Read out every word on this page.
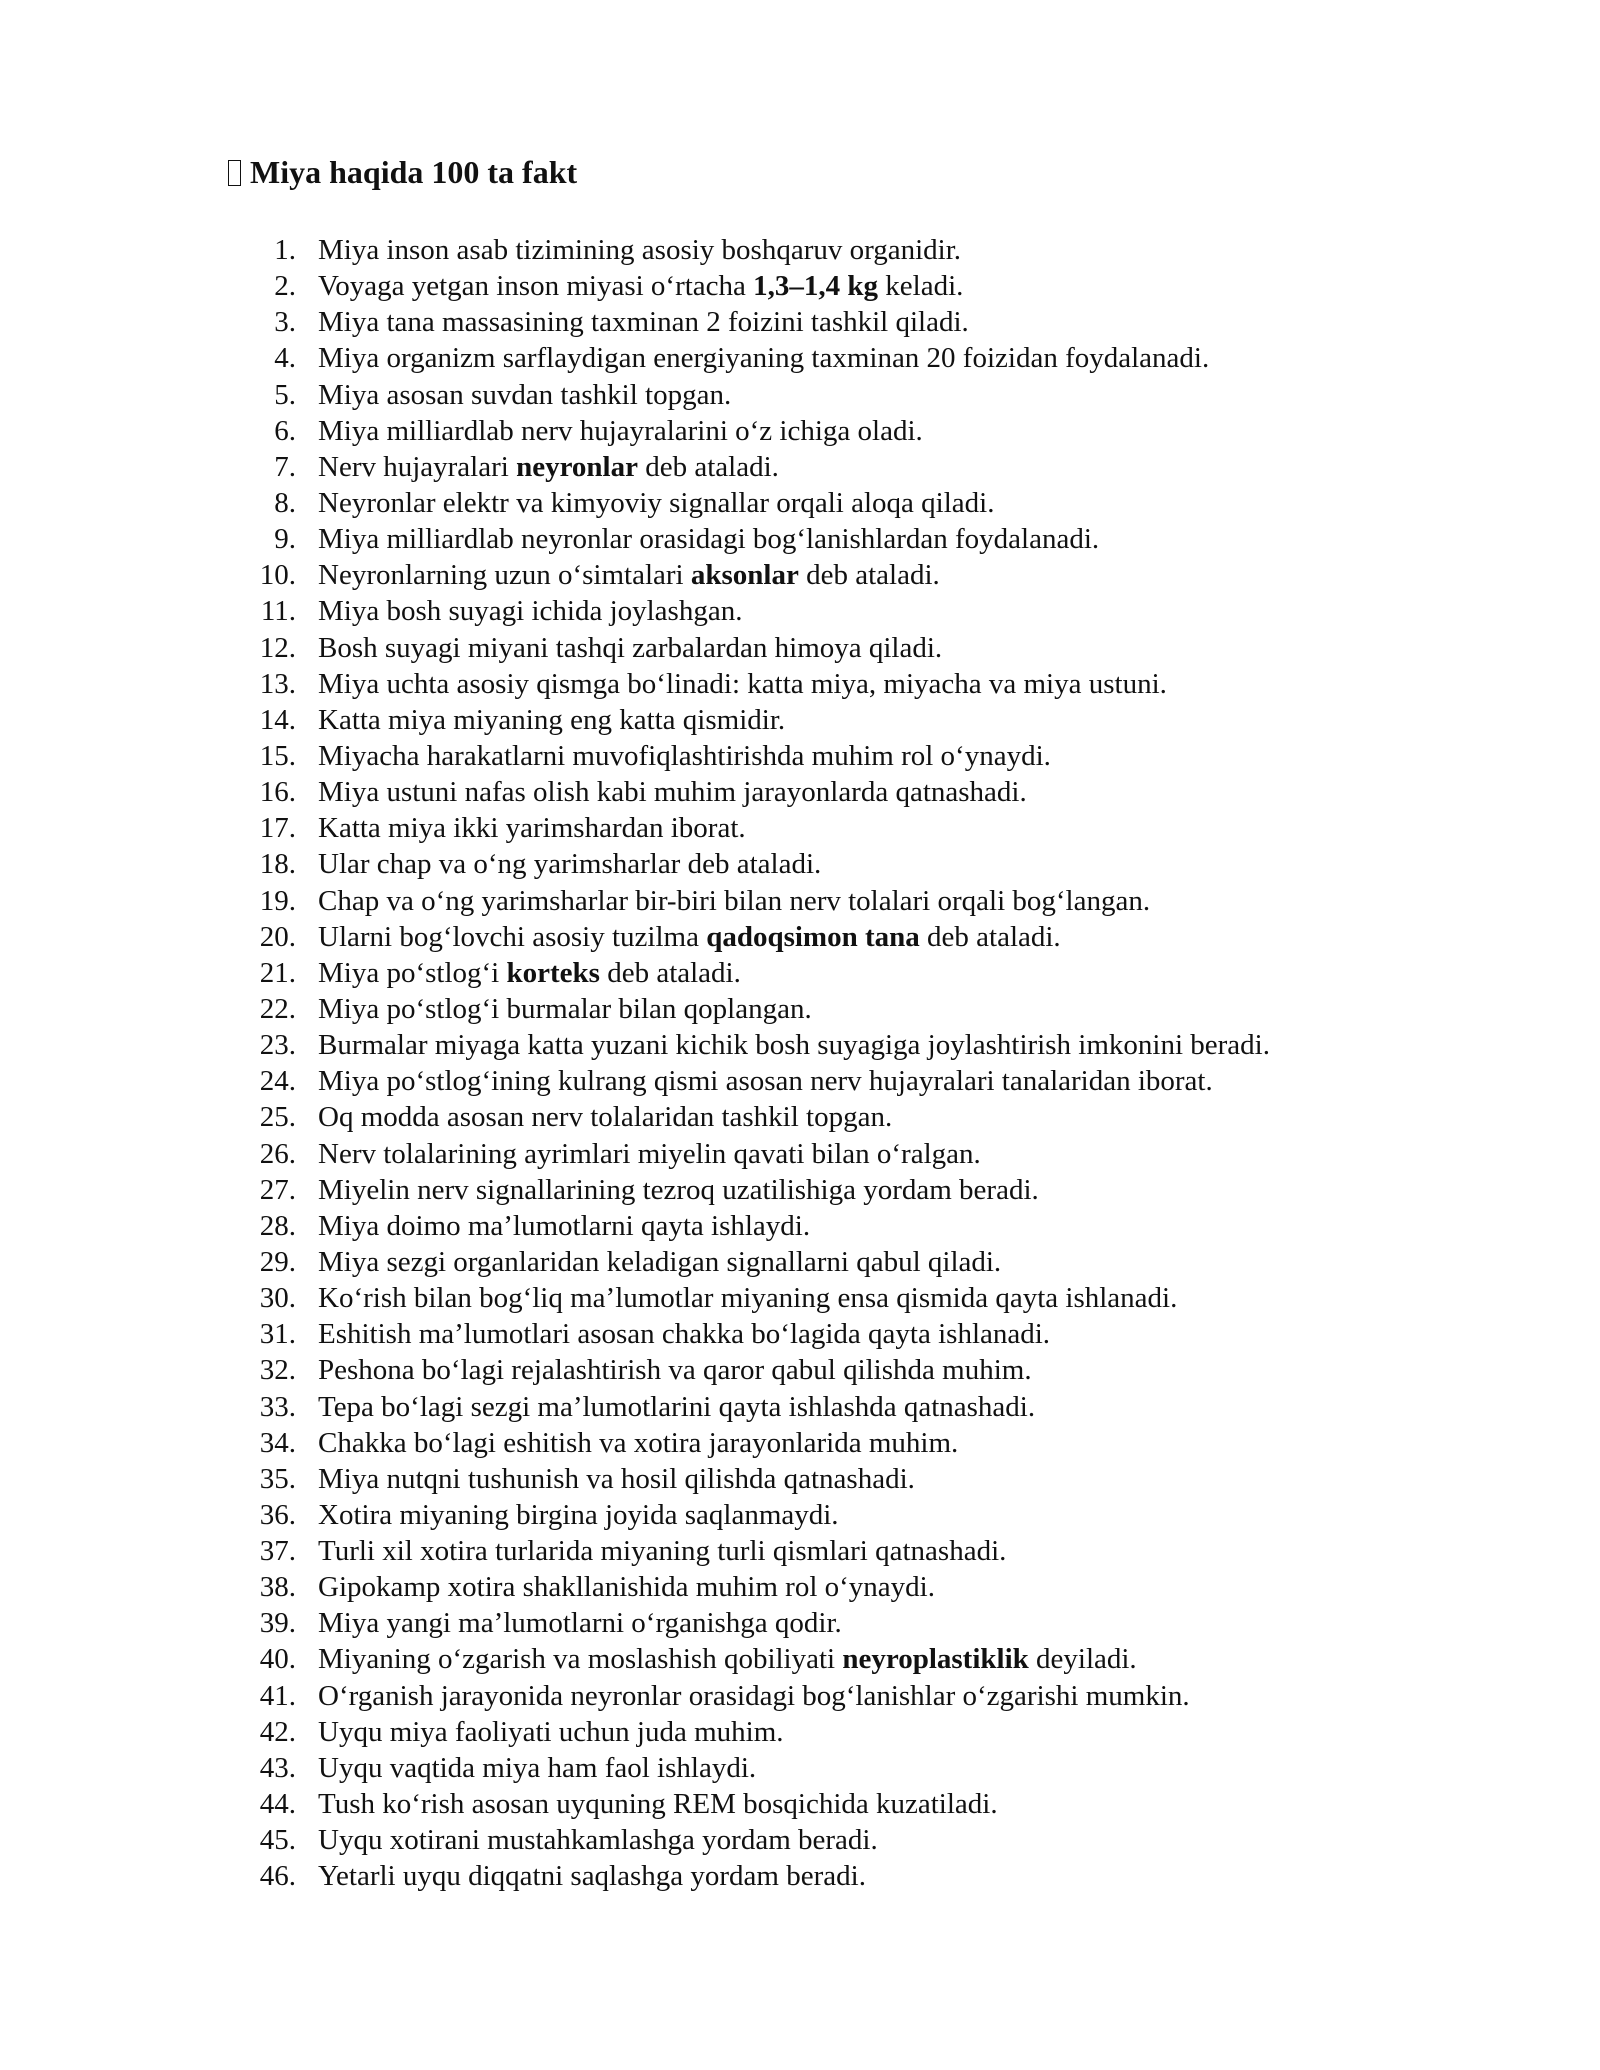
Miya haqida 100 ta fakt
1. Miya inson asab tizimining asosiy boshqaruv organidir.
2. Voyaga yetgan inson miyasi o‘rtacha 1,3–1,4 kg keladi.
3. Miya tana massasining taxminan 2 foizini tashkil qiladi.
4. Miya organizm sarflaydigan energiyaning taxminan 20 foizidan foydalanadi.
5. Miya asosan suvdan tashkil topgan.
6. Miya milliardlab nerv hujayralarini o‘z ichiga oladi.
7. Nerv hujayralari neyronlar deb ataladi.
8. Neyronlar elektr va kimyoviy signallar orqali aloqa qiladi.
9. Miya milliardlab neyronlar orasidagi bog‘lanishlardan foydalanadi.
10. Neyronlarning uzun o‘simtalari aksonlar deb ataladi.
11. Miya bosh suyagi ichida joylashgan.
12. Bosh suyagi miyani tashqi zarbalardan himoya qiladi.
13. Miya uchta asosiy qismga bo‘linadi: katta miya, miyacha va miya ustuni.
14. Katta miya miyaning eng katta qismidir.
15. Miyacha harakatlarni muvofiqlashtirishda muhim rol o‘ynaydi.
16. Miya ustuni nafas olish kabi muhim jarayonlarda qatnashadi.
17. Katta miya ikki yarimshardan iborat.
18. Ular chap va o‘ng yarimsharlar deb ataladi.
19. Chap va o‘ng yarimsharlar bir-biri bilan nerv tolalari orqali bog‘langan.
20. Ularni bog‘lovchi asosiy tuzilma qadoqsimon tana deb ataladi.
21. Miya po‘stlog‘i korteks deb ataladi.
22. Miya po‘stlog‘i burmalar bilan qoplangan.
23. Burmalar miyaga katta yuzani kichik bosh suyagiga joylashtirish imkonini beradi.
24. Miya po‘stlog‘ining kulrang qismi asosan nerv hujayralari tanalaridan iborat.
25. Oq modda asosan nerv tolalaridan tashkil topgan.
26. Nerv tolalarining ayrimlari miyelin qavati bilan o‘ralgan.
27. Miyelin nerv signallarining tezroq uzatilishiga yordam beradi.
28. Miya doimo ma’lumotlarni qayta ishlaydi.
29. Miya sezgi organlaridan keladigan signallarni qabul qiladi.
30. Ko‘rish bilan bog‘liq ma’lumotlar miyaning ensa qismida qayta ishlanadi.
31. Eshitish ma’lumotlari asosan chakka bo‘lagida qayta ishlanadi.
32. Peshona bo‘lagi rejalashtirish va qaror qabul qilishda muhim.
33. Tepa bo‘lagi sezgi ma’lumotlarini qayta ishlashda qatnashadi.
34. Chakka bo‘lagi eshitish va xotira jarayonlarida muhim.
35. Miya nutqni tushunish va hosil qilishda qatnashadi.
36. Xotira miyaning birgina joyida saqlanmaydi.
37. Turli xil xotira turlarida miyaning turli qismlari qatnashadi.
38. Gipokamp xotira shakllanishida muhim rol o‘ynaydi.
39. Miya yangi ma’lumotlarni o‘rganishga qodir.
40. Miyaning o‘zgarish va moslashish qobiliyati neyroplastiklik deyiladi.
41. O‘rganish jarayonida neyronlar orasidagi bog‘lanishlar o‘zgarishi mumkin.
42. Uyqu miya faoliyati uchun juda muhim.
43. Uyqu vaqtida miya ham faol ishlaydi.
44. Tush ko‘rish asosan uyquning REM bosqichida kuzatiladi.
45. Uyqu xotirani mustahkamlashga yordam beradi.
46. Yetarli uyqu diqqatni saqlashga yordam beradi.
